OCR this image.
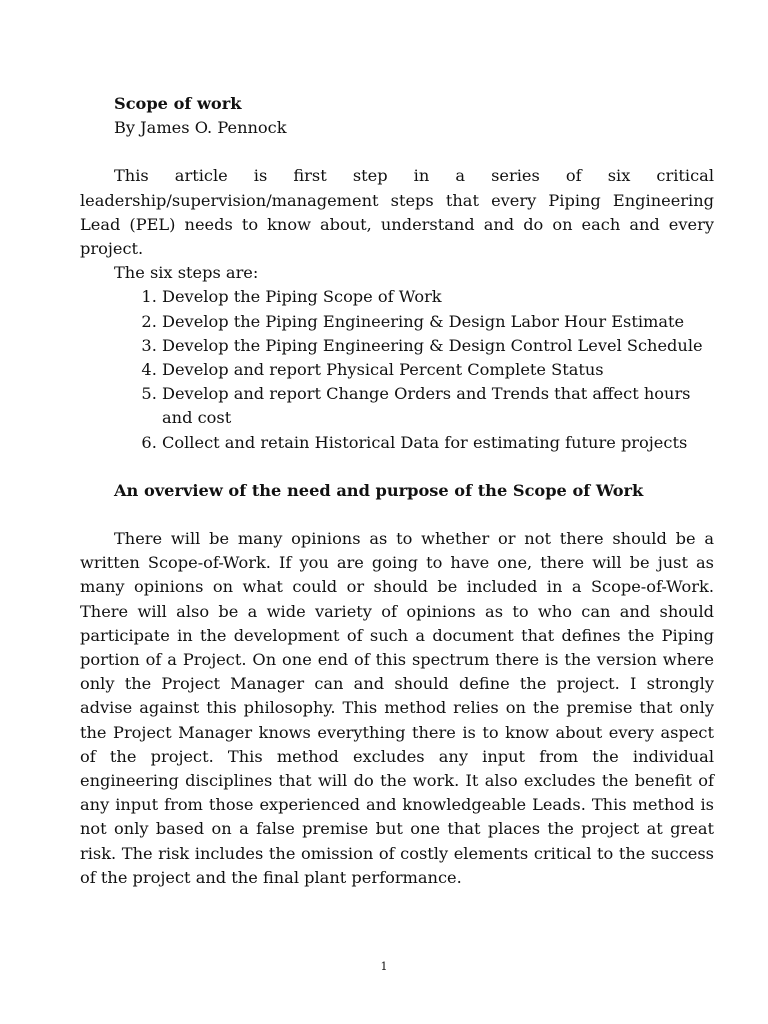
Scope of work

By James O. Pennock

This article is first step in a series of six critical leadership/supervision/management steps that every Piping Engineering Lead (PEL) needs to know about, understand and do on each and every project.

The six steps are:

1. Develop the Piping Scope of Work
2. Develop the Piping Engineering & Design Labor Hour Estimate
3. Develop the Piping Engineering & Design Control Level Schedule
4. Develop and report Physical Percent Complete Status
5. Develop and report Change Orders and Trends that affect hours and cost
6. Collect and retain Historical Data for estimating future projects

An overview of the need and purpose of the Scope of Work

There will be many opinions as to whether or not there should be a written Scope-of-Work. If you are going to have one, there will be just as many opinions on what could or should be included in a Scope-of-Work. There will also be a wide variety of opinions as to who can and should participate in the development of such a document that defines the Piping portion of a Project. On one end of this spectrum there is the version where only the Project Manager can and should define the project. I strongly advise against this philosophy. This method relies on the premise that only the Project Manager knows everything there is to know about every aspect of the project. This method excludes any input from the individual engineering disciplines that will do the work. It also excludes the benefit of any input from those experienced and knowledgeable Leads. This method is not only based on a false premise but one that places the project at great risk. The risk includes the omission of costly elements critical to the success of the project and the final plant performance.

1
